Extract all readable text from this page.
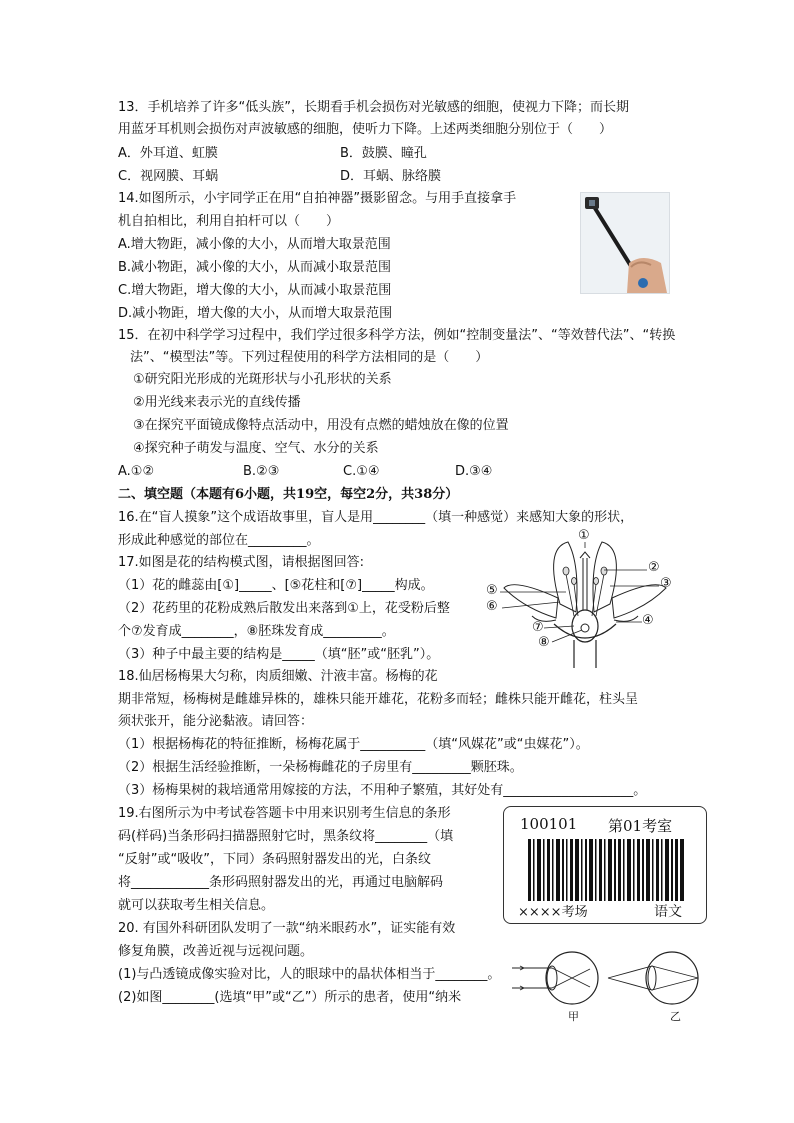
13．手机培养了许多“低头族”，长期看手机会损伤对光敏感的细胞，使视力下降；而长期
用蓝牙耳机则会损伤对声波敏感的细胞，使听力下降。上述两类细胞分别位于（　　）
A．外耳道、虹膜	B．鼓膜、瞳孔
C．视网膜、耳蜗	D．耳蜗、脉络膜
14.如图所示，小宇同学正在用“自拍神器”摄影留念。与用手直接拿手
机自拍相比，利用自拍杆可以（　　）
A.增大物距，减小像的大小，从而增大取景范围
B.减小物距，减小像的大小，从而减小取景范围
C.增大物距，增大像的大小，从而减小取景范围
D.减小物距，增大像的大小，从而增大取景范围
15．在初中科学学习过程中，我们学过很多科学方法，例如“控制变量法”、“等效替代法”、“转换
法”、“模型法”等。下列过程使用的科学方法相同的是（　　）
①研究阳光形成的光斑形状与小孔形状的关系
②用光线来表示光的直线传播
③在探究平面镜成像特点活动中，用没有点燃的蜡烛放在像的位置
④探究种子萌发与温度、空气、水分的关系
A.①②	B.②③	C.①④	D.③④
二、填空题（本题有6小题，共19空，每空2分，共38分）
16.在“盲人摸象”这个成语故事里，盲人是用________（填一种感觉）来感知大象的形状，
形成此种感觉的部位在_________。
17.如图是花的结构模式图，请根据图回答:
（1）花的雌蕊由[①]_____、[⑤花柱和[⑦]_____构成。
（2）花药里的花粉成熟后散发出来落到①上，花受粉后整
个⑦发育成________，⑧胚珠发育成_________。
（3）种子中最主要的结构是_____（填“胚”或“胚乳”）。
①
②
③
④
⑤
⑥
⑦
⑧
18.仙居杨梅果大匀称，肉质细嫩、汁液丰富。杨梅的花
期非常短，杨梅树是雌雄异株的，雄株只能开雄花，花粉多而轻；雌株只能开雌花，柱头呈
须状张开，能分泌黏液。请回答：
（1）根据杨梅花的特征推断，杨梅花属于__________（填“风媒花”或“虫媒花”）。
（2）根据生活经验推断，一朵杨梅雌花的子房里有_________颗胚珠。
（3）杨梅果树的栽培通常用嫁接的方法，不用种子繁殖，其好处有____________________。
19.右图所示为中考试卷答题卡中用来识别考生信息的条形
码(样码)当条形码扫描器照射它时，黑条纹将________（填
“反射”或“吸收”，下同）条码照射器发出的光，白条纹
将____________条形码照射器发出的光，再通过电脑解码
就可以获取考生相关信息。
100101 第01考室
××××考场	语文
20. 有国外科研团队发明了一款“纳米眼药水”，证实能有效
修复角膜，改善近视与远视问题。
(1)与凸透镜成像实验对比，人的眼球中的晶状体相当于________。
(2)如图________(选填“甲”或“乙”）所示的患者，使用“纳米
甲	乙
